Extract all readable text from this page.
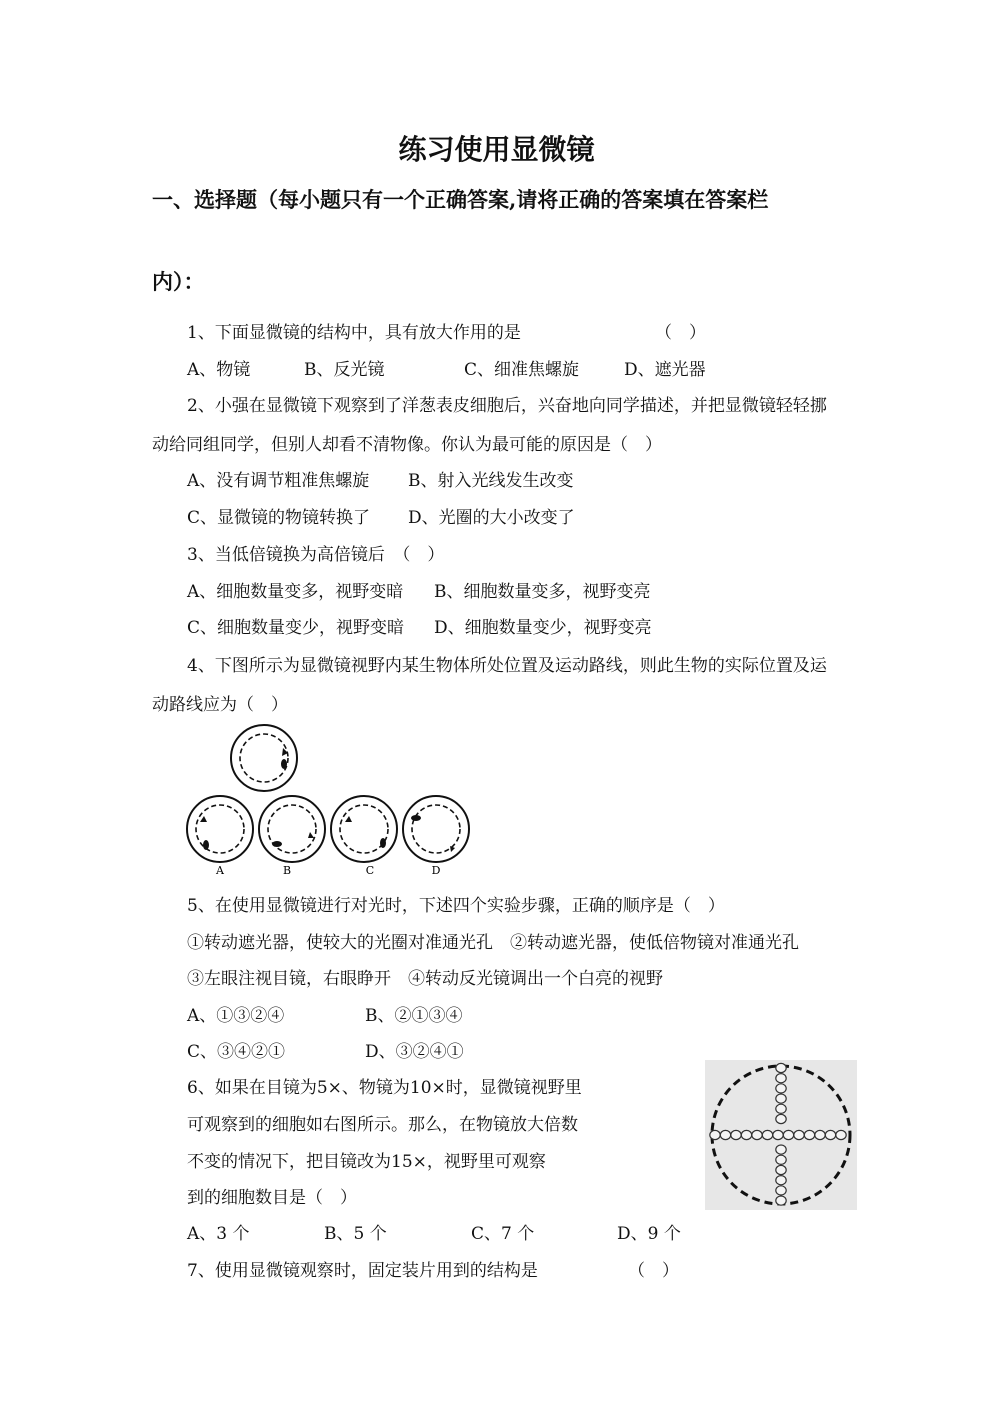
练习使用显微镜
一、选择题（每小题只有一个正确答案,请将正确的答案填在答案栏
内）：
1、下面显微镜的结构中，具有放大作用的是	（　）
A、物镜	B、反光镜	C、细准焦螺旋	D、遮光器
2、小强在显微镜下观察到了洋葱表皮细胞后，兴奋地向同学描述，并把显微镜轻轻挪
动给同组同学，但别人却看不清物像。你认为最可能的原因是（　）
A、没有调节粗准焦螺旋 B、射入光线发生改变
C、显微镜的物镜转换了 D、光圈的大小改变了
3、当低倍镜换为高倍镜后　（　）
A、细胞数量变多，视野变暗 B、细胞数量变多，视野变亮
C、细胞数量变少，视野变暗 D、细胞数量变少，视野变亮
4、下图所示为显微镜视野内某生物体所处位置及运动路线，则此生物的实际位置及运
动路线应为（　）
A	B	C	D
5、在使用显微镜进行对光时，下述四个实验步骤，正确的顺序是（　）
①转动遮光器，使较大的光圈对准通光孔　②转动遮光器，使低倍物镜对准通光孔
③左眼注视目镜，右眼睁开　④转动反光镜调出一个白亮的视野
A、①③②④	B、②①③④
C、③④②①	D、③②④①
6、如果在目镜为5×、物镜为10×时，显微镜视野里
可观察到的细胞如右图所示。那么，在物镜放大倍数
不变的情况下，把目镜改为15×，视野里可观察
到的细胞数目是（　）
A、3 个	B、5 个	C、7 个	D、9 个
7、使用显微镜观察时，固定装片用到的结构是	（　）
